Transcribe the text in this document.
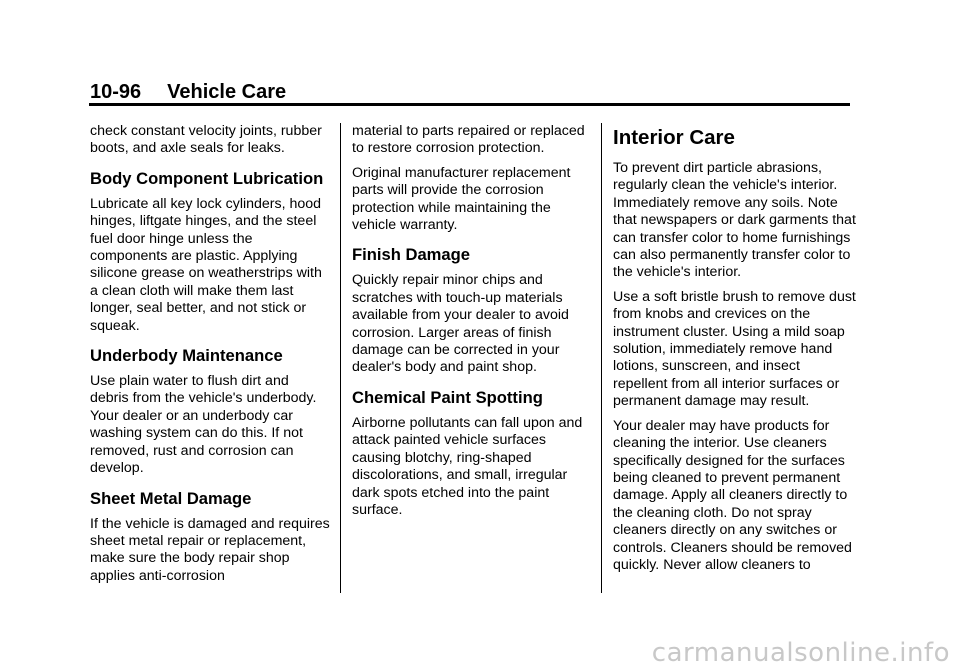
10-96 Vehicle Care

check constant velocity joints, rubber boots, and axle seals for leaks.

Body Component Lubrication

Lubricate all key lock cylinders, hood hinges, liftgate hinges, and the steel fuel door hinge unless the components are plastic. Applying silicone grease on weatherstrips with a clean cloth will make them last longer, seal better, and not stick or squeak.

Underbody Maintenance

Use plain water to flush dirt and debris from the vehicle's underbody. Your dealer or an underbody car washing system can do this. If not removed, rust and corrosion can develop.

Sheet Metal Damage

If the vehicle is damaged and requires sheet metal repair or replacement, make sure the body repair shop applies anti-corrosion

material to parts repaired or replaced to restore corrosion protection.

Original manufacturer replacement parts will provide the corrosion protection while maintaining the vehicle warranty.

Finish Damage

Quickly repair minor chips and scratches with touch-up materials available from your dealer to avoid corrosion. Larger areas of finish damage can be corrected in your dealer's body and paint shop.

Chemical Paint Spotting

Airborne pollutants can fall upon and attack painted vehicle surfaces causing blotchy, ring-shaped discolorations, and small, irregular dark spots etched into the paint surface.

Interior Care

To prevent dirt particle abrasions, regularly clean the vehicle's interior. Immediately remove any soils. Note that newspapers or dark garments that can transfer color to home furnishings can also permanently transfer color to the vehicle's interior.

Use a soft bristle brush to remove dust from knobs and crevices on the instrument cluster. Using a mild soap solution, immediately remove hand lotions, sunscreen, and insect repellent from all interior surfaces or permanent damage may result.

Your dealer may have products for cleaning the interior. Use cleaners specifically designed for the surfaces being cleaned to prevent permanent damage. Apply all cleaners directly to the cleaning cloth. Do not spray cleaners directly on any switches or controls. Cleaners should be removed quickly. Never allow cleaners to

carmanualsonline.info
